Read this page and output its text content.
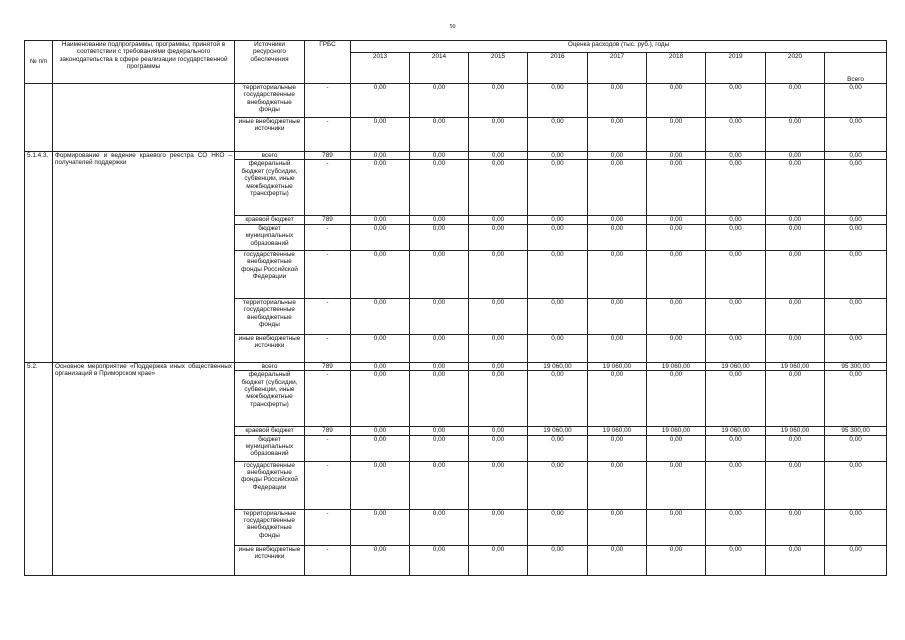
50
№ п/п	Наименование подпрограммы, программы, принятой в соответствии с требованиями федерального законодательства в сфере реализации государственной программы	Источники ресурсного обеспечения	ГРБС	Оценка расходов (тыс. руб.), годы								
				2013	2014	2015	2016	2017	2018	2019	2020	Всего
		территориальные государственные внебюджетные фонды	-	0,00	0,00	0,00	0,00	0,00	0,00	0,00	0,00	0,00
		иные внебюджетные источники	-	0,00	0,00	0,00	0,00	0,00	0,00	0,00	0,00	0,00
5.1.4.3.	Формирование и ведение краевого реестра СО НКО – получателей поддержки	всего	789	0,00	0,00	0,00	0,00	0,00	0,00	0,00	0,00	0,00
		федеральный бюджет (субсидии, субвенции, иные межбюджетные трансферты)	-	0,00	0,00	0,00	0,00	0,00	0,00	0,00	0,00	0,00
		краевой бюджет	789	0,00	0,00	0,00	0,00	0,00	0,00	0,00	0,00	0,00
		бюджет муниципальных образований	-	0,00	0,00	0,00	0,00	0,00	0,00	0,00	0,00	0,00
		государственные внебюджетные фонды Российской Федерации	-	0,00	0,00	0,00	0,00	0,00	0,00	0,00	0,00	0,00
		территориальные государственные внебюджетные фонды	-	0,00	0,00	0,00	0,00	0,00	0,00	0,00	0,00	0,00
		иные внебюджетные источники	-	0,00	0,00	0,00	0,00	0,00	0,00	0,00	0,00	0,00
5.2.	Основное мероприятие «Поддержка иных общественных организаций в Приморском крае»	всего	789	0,00	0,00	0,00	19 060,00	19 060,00	19 060,00	19 060,00	19 060,00	95 300,00
		федеральный бюджет (субсидии, субвенции, иные межбюджетные трансферты)	-	0,00	0,00	0,00	0,00	0,00	0,00	0,00	0,00	0,00
		краевой бюджет	789	0,00	0,00	0,00	19 060,00	19 060,00	19 060,00	19 060,00	19 060,00	95 300,00
		бюджет муниципальных образований	-	0,00	0,00	0,00	0,00	0,00	0,00	0,00	0,00	0,00
		государственные внебюджетные фонды Российской Федерации	-	0,00	0,00	0,00	0,00	0,00	0,00	0,00	0,00	0,00
		территориальные государственные внебюджетные фонды	-	0,00	0,00	0,00	0,00	0,00	0,00	0,00	0,00	0,00
		иные внебюджетные источники	-	0,00	0,00	0,00	0,00	0,00	0,00	0,00	0,00	0,00
